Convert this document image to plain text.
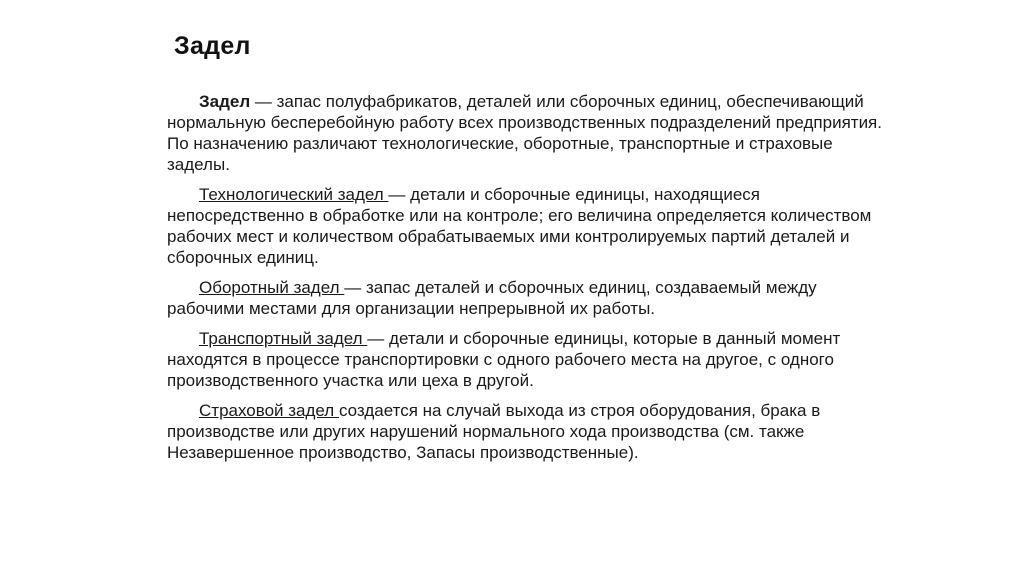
Задел

Задел — запас полуфабрикатов, деталей или сборочных единиц, обеспечивающий нормальную бесперебойную работу всех производственных подразделений предприятия.
По назначению различают технологические, оборотные, транспортные и страховые заделы.

Технологический задел — детали и сборочные единицы, находящиеся непосредственно в обработке или на контроле; его величина определяется количеством рабочих мест и количеством обрабатываемых ими контролируемых партий деталей и сборочных единиц.

Оборотный задел — запас деталей и сборочных единиц, создаваемый между рабочими местами для организации непрерывной их работы.

Транспортный задел — детали и сборочные единицы, которые в данный момент находятся в процессе транспортировки с одного рабочего места на другое, с одного производственного участка или цеха в другой.

Страховой задел создается на случай выхода из строя оборудования, брака в производстве или других нарушений нормального хода производства (см. также Незавершенное производство, Запасы производственные).
